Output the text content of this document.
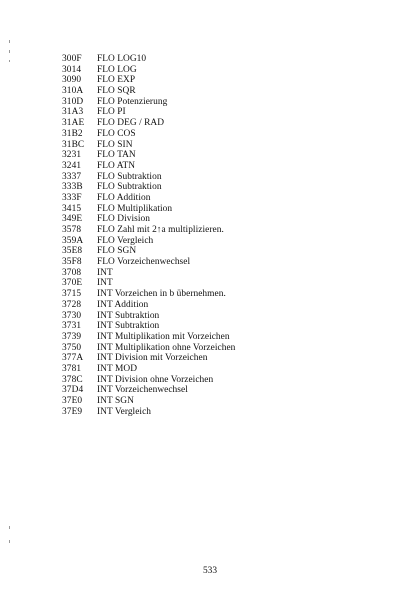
300F	FLO LOG10
3014	FLO LOG
3090	FLO EXP
310A	FLO SQR
310D	FLO Potenzierung
31A3	FLO PI
31AE	FLO DEG / RAD
31B2	FLO COS
31BC	FLO SIN
3231	FLO TAN
3241	FLO ATN
3337	FLO Subtraktion
333B	FLO Subtraktion
333F	FLO Addition
3415	FLO Multiplikation
349E	FLO Division
3578	FLO Zahl mit 2↑a multiplizieren.
359A	FLO Vergleich
35E8	FLO SGN
35F8	FLO Vorzeichenwechsel
3708	INT
370E	INT
3715	INT Vorzeichen in b übernehmen.
3728	INT Addition
3730	INT Subtraktion
3731	INT Subtraktion
3739	INT Multiplikation mit Vorzeichen
3750	INT Multiplikation ohne Vorzeichen
377A	INT Division mit Vorzeichen
3781	INT MOD
378C	INT Division ohne Vorzeichen
37D4	INT Vorzeichenwechsel
37E0	INT SGN
37E9	INT Vergleich
533
